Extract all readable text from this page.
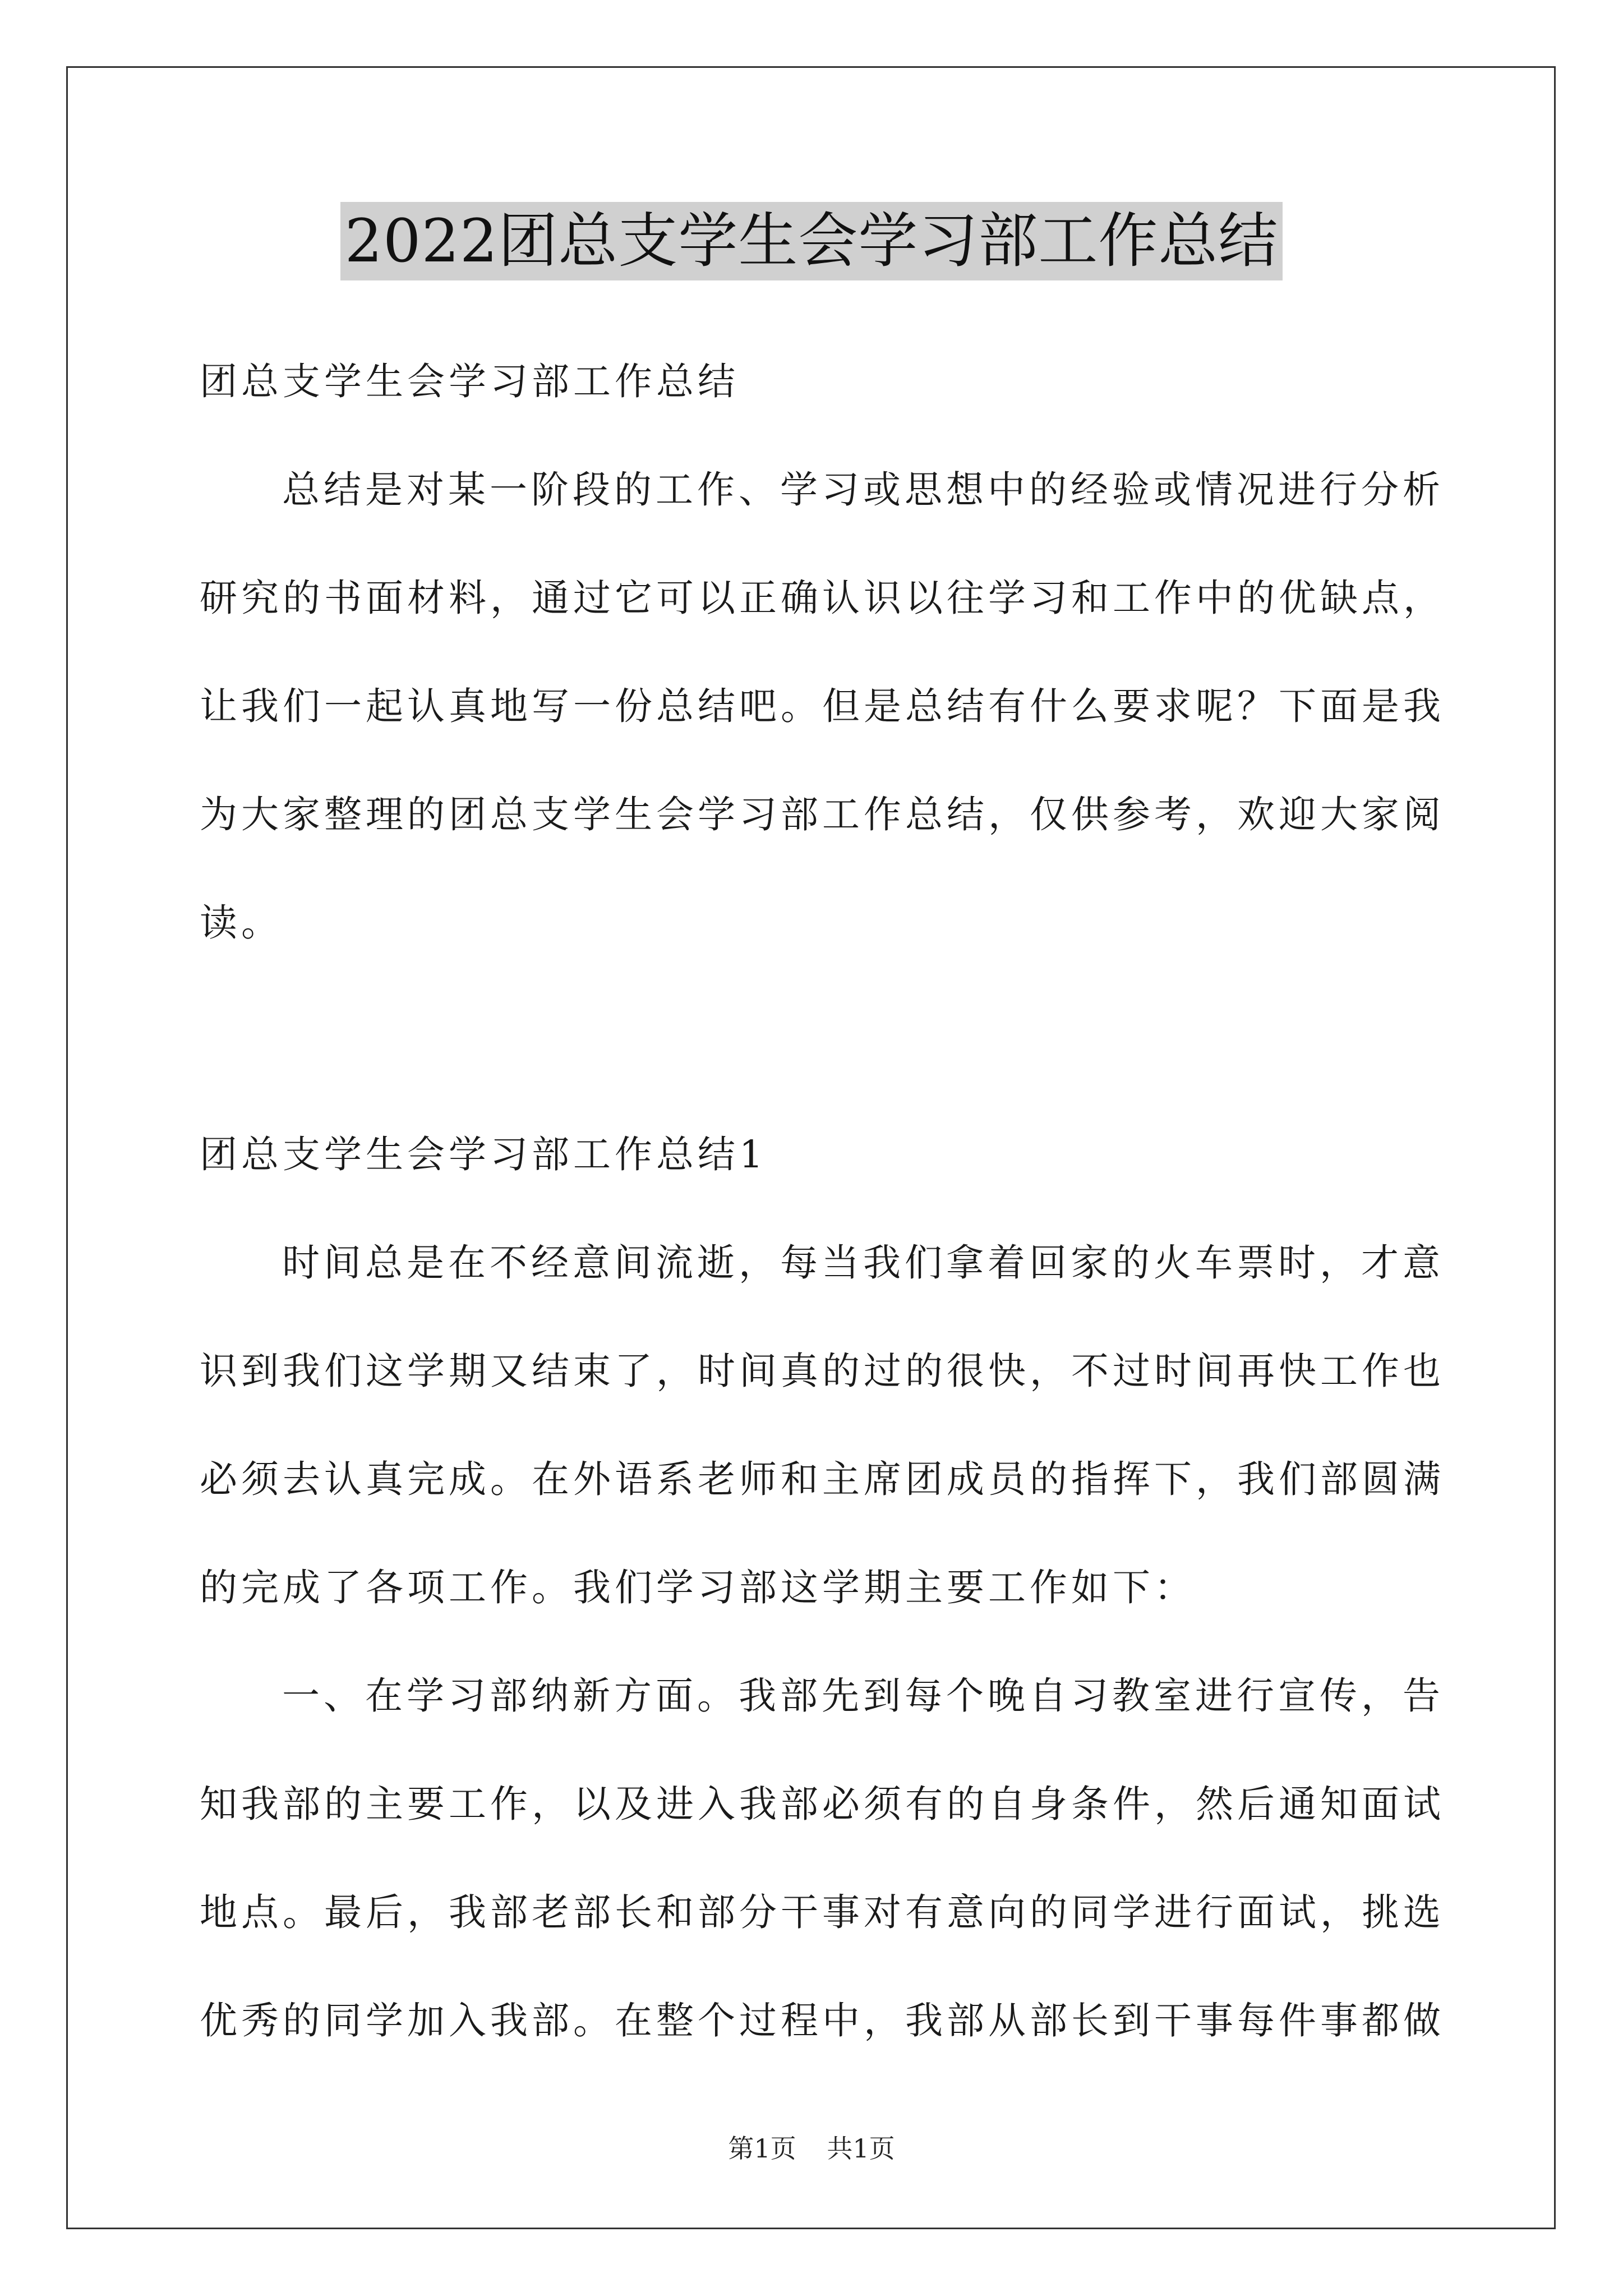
2022团总支学生会学习部工作总结
团总支学生会学习部工作总结
总结是对某一阶段的工作、学习或思想中的经验或情况进行分析
研究的书面材料，通过它可以正确认识以往学习和工作中的优缺点，
让我们一起认真地写一份总结吧。但是总结有什么要求呢？下面是我
为大家整理的团总支学生会学习部工作总结，仅供参考，欢迎大家阅
读。
团总支学生会学习部工作总结1
时间总是在不经意间流逝，每当我们拿着回家的火车票时，才意
识到我们这学期又结束了，时间真的过的很快，不过时间再快工作也
必须去认真完成。在外语系老师和主席团成员的指挥下，我们部圆满
的完成了各项工作。我们学习部这学期主要工作如下：
一、在学习部纳新方面。我部先到每个晚自习教室进行宣传，告
知我部的主要工作，以及进入我部必须有的自身条件，然后通知面试
地点。最后，我部老部长和部分干事对有意向的同学进行面试，挑选
优秀的同学加入我部。在整个过程中，我部从部长到干事每件事都做
第1页 共1页
